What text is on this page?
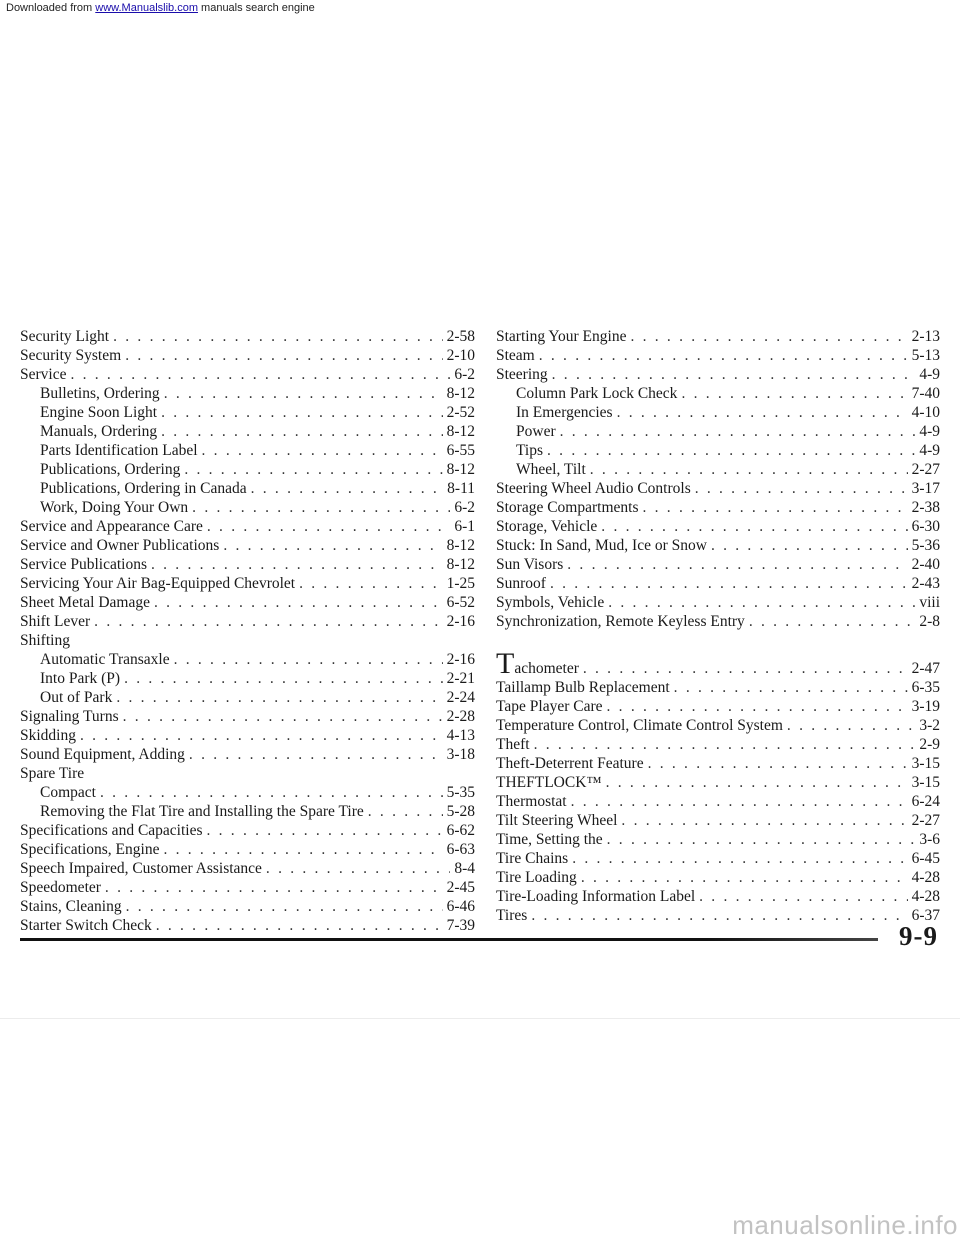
Downloaded from www.Manualslib.com manuals search engine
Security Light . . .	2-58
Security System . . .	2-10
Service . . .	6-2
Bulletins, Ordering . . .	8-12
Engine Soon Light . . .	2-52
Manuals, Ordering . . .	8-12
Parts Identification Label . . .	6-55
Publications, Ordering . . .	8-12
Publications, Ordering in Canada . . .	8-11
Work, Doing Your Own . . .	6-2
Service and Appearance Care . . .	6-1
Service and Owner Publications . . .	8-12
Service Publications . . .	8-12
Servicing Your Air Bag-Equipped Chevrolet . . .	1-25
Sheet Metal Damage . . .	6-52
Shift Lever . . .	2-16
Shifting
Automatic Transaxle . . .	2-16
Into Park (P) . . .	2-21
Out of Park . . .	2-24
Signaling Turns . . .	2-28
Skidding . . .	4-13
Sound Equipment, Adding . . .	3-18
Spare Tire
Compact . . .	5-35
Removing the Flat Tire and Installing the Spare Tire . . .	5-28
Specifications and Capacities . . .	6-62
Specifications, Engine . . .	6-63
Speech Impaired, Customer Assistance . . .	8-4
Speedometer . . .	2-45
Stains, Cleaning . . .	6-46
Starter Switch Check . . .	7-39
Starting Your Engine . . .	2-13
Steam . . .	5-13
Steering . . .	4-9
Column Park Lock Check . . .	7-40
In Emergencies . . .	4-10
Power . . .	4-9
Tips . . .	4-9
Wheel, Tilt . . .	2-27
Steering Wheel Audio Controls . . .	3-17
Storage Compartments . . .	2-38
Storage, Vehicle . . .	6-30
Stuck: In Sand, Mud, Ice or Snow . . .	5-36
Sun Visors . . .	2-40
Sunroof . . .	2-43
Symbols, Vehicle . . .	viii
Synchronization, Remote Keyless Entry . . .	2-8
Tachometer . . .	2-47
Taillamp Bulb Replacement . . .	6-35
Tape Player Care . . .	3-19
Temperature Control, Climate Control System . . .	3-2
Theft . . .	2-9
Theft-Deterrent Feature . . .	3-15
THEFTLOCK™ . . .	3-15
Thermostat . . .	6-24
Tilt Steering Wheel . . .	2-27
Time, Setting the . . .	3-6
Tire Chains . . .	6-45
Tire Loading . . .	4-28
Tire-Loading Information Label . . .	4-28
Tires . . .	6-37
9-9
manualsonline.info
